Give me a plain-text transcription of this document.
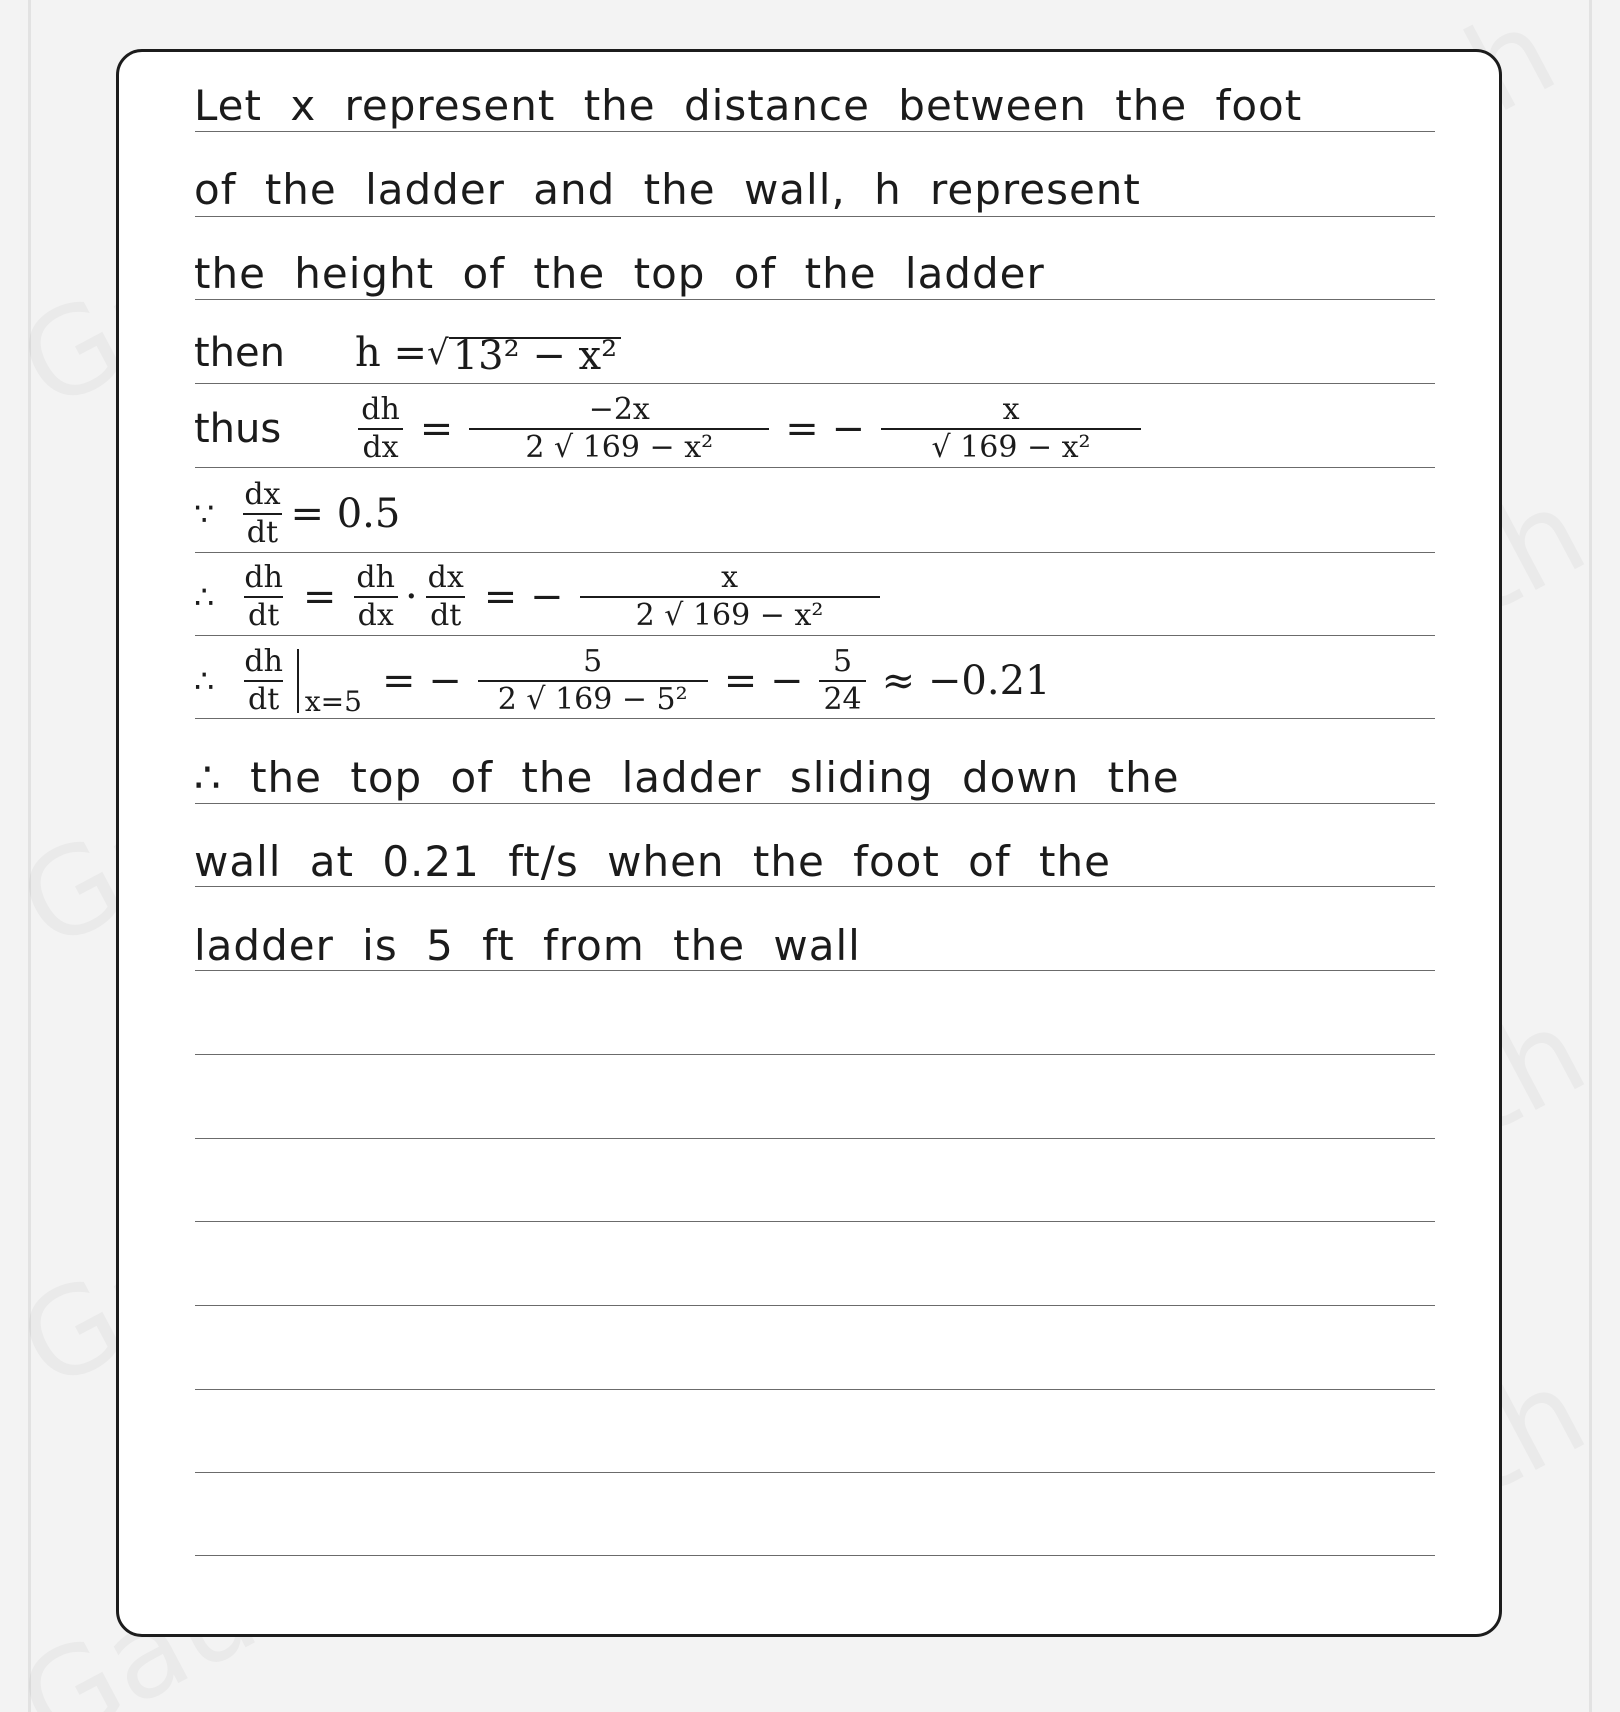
Let x represent the distance between the foot
of the ladder and the wall, h represent
the height of the top of the ladder
then h = √ 13² − x²
thus	$\frac{dh}{dx} = \frac{-2x}{\text{2 √ 169 − x²}}$ = − $\frac{x}{\text{√ 169 − x²}}$
∵ $\frac{dx}{dt} = 0.5$
∴ $\frac{dh}{dt} = \frac{dh}{dx} \cdot \frac{dx}{dt}$ = − $\frac{x}{\text{2 √ 169 − x²}}$
∴ $\frac{dh}{dt} x=5$ = − $\frac{5}{\text{2 √ 169 − 5²}}$ = − $\frac{5}{24} \approx -0.21$
∴ the top of the ladder sliding down the
wall at 0.21 ft/s when the foot of the
ladder is 5 ft from the wall
